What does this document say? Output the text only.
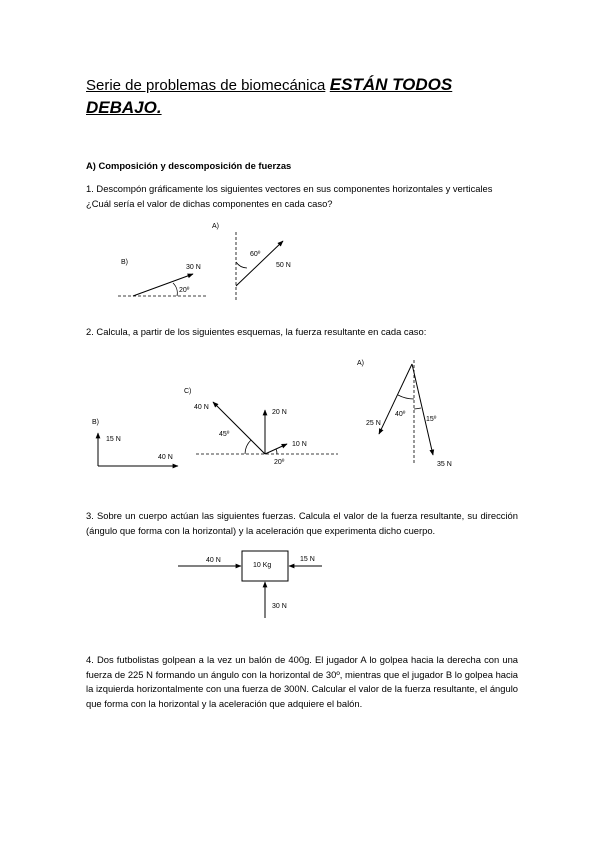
Serie de problemas de biomecánica ESTÁN TODOS
DEBAJO.
A) Composición y descomposición de fuerzas
1. Descompón gráficamente los siguientes vectores en sus componentes horizontales y verticales ¿Cuál sería el valor de dichas componentes en cada caso?
A)
60º
50 N
B)
30 N
20º
2. Calcula, a partir de los siguientes esquemas, la fuerza resultante en cada caso:
B)
15 N
40 N
C)
40 N
45º
20 N
10 N
20º
A)
40º
25 N
15º
35 N
3. Sobre un cuerpo actúan las siguientes fuerzas. Calcula el valor de la fuerza resultante, su dirección (ángulo que forma con la horizontal) y la aceleración que experimenta dicho cuerpo.
40 N
10 Kg
15 N
30 N
4. Dos futbolistas golpean a la vez un balón de 400g. El jugador A lo golpea hacia la derecha con una fuerza de 225 N formando un ángulo con la horizontal de 30º, mientras que el jugador B lo golpea hacia la izquierda horizontalmente con una fuerza de 300N. Calcular el valor de la fuerza resultante, el ángulo que forma con la horizontal y la aceleración que adquiere el balón.
